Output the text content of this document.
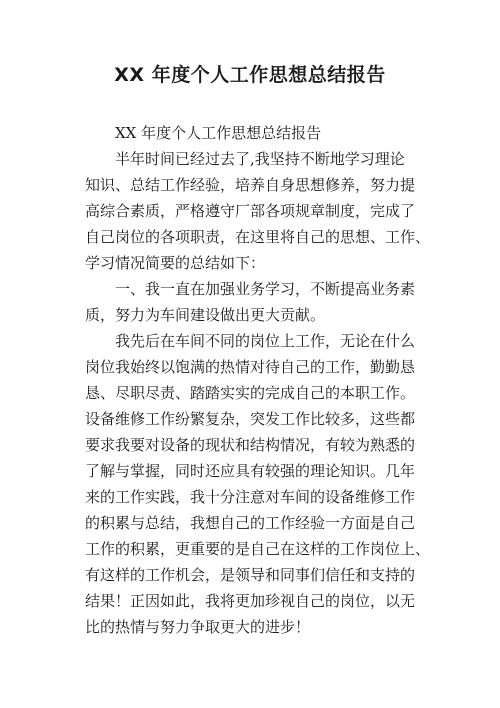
XX 年度个人工作思想总结报告
XX 年度个人工作思想总结报告
半年时间已经过去了,我坚持不断地学习理论
知识、总结工作经验，培养自身思想修养，努力提
高综合素质，严格遵守厂部各项规章制度，完成了
自己岗位的各项职责，在这里将自己的思想、工作、
学习情况简要的总结如下：
一、我一直在加强业务学习，不断提高业务素
质，努力为车间建设做出更大贡献。
我先后在车间不同的岗位上工作，无论在什么
岗位我始终以饱满的热情对待自己的工作，勤勤恳
恳、尽职尽责、踏踏实实的完成自己的本职工作。
设备维修工作纷繁复杂，突发工作比较多，这些都
要求我要对设备的现状和结构情况，有较为熟悉的
了解与掌握，同时还应具有较强的理论知识。几年
来的工作实践，我十分注意对车间的设备维修工作
的积累与总结，我想自己的工作经验一方面是自己
工作的积累，更重要的是自己在这样的工作岗位上、
有这样的工作机会，是领导和同事们信任和支持的
结果！正因如此，我将更加珍视自己的岗位，以无
比的热情与努力争取更大的进步！
